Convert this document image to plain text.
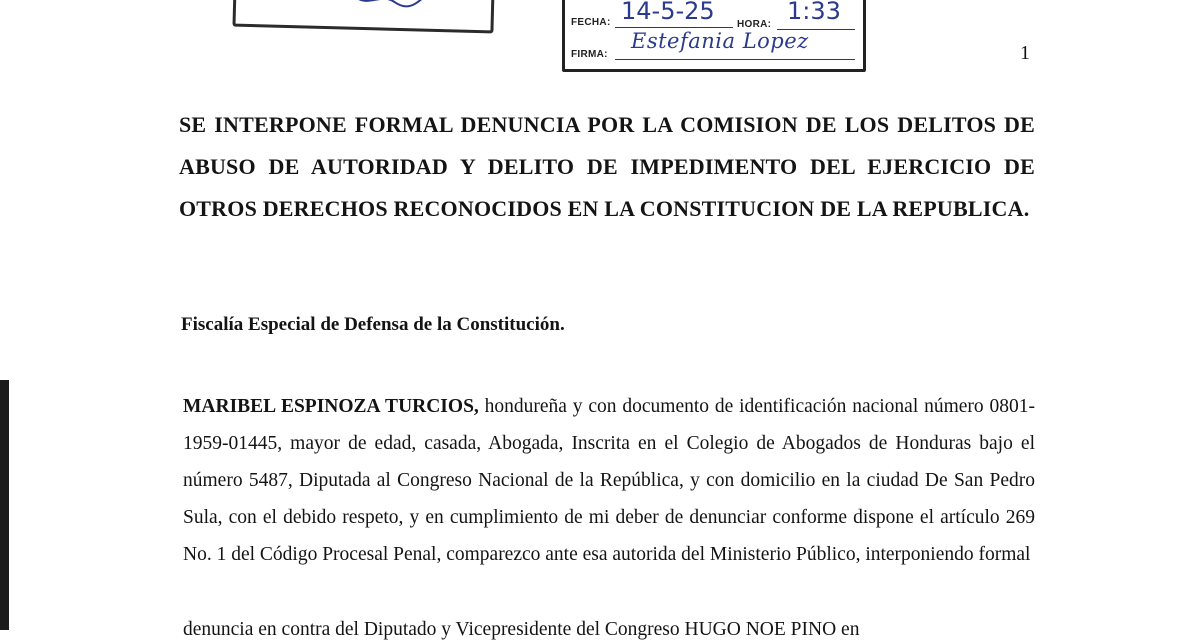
FECHA: 14-5-25 HORA: 1:33
FIRMA:
Estefania Lopez	1
SE INTERPONE FORMAL DENUNCIA POR LA COMISION DE LOS DELITOS DE ABUSO DE AUTORIDAD Y DELITO DE IMPEDIMENTO DEL EJERCICIO DE OTROS DERECHOS RECONOCIDOS EN LA CONSTITUCION DE LA REPUBLICA.
Fiscalía Especial de Defensa de la Constitución.
MARIBEL ESPINOZA TURCIOS, hondureña y con documento de identificación nacional número 0801-1959-01445, mayor de edad, casada, Abogada, Inscrita en el Colegio de Abogados de Honduras bajo el número 5487, Diputada al Congreso Nacional de la República, y con domicilio en la ciudad De San Pedro Sula, con el debido respeto, y en cumplimiento de mi deber de denunciar conforme dispone el artículo 269 No. 1 del Código Procesal Penal, comparezco ante esa autorida del Ministerio Público, interponiendo formal
denuncia en contra del Diputado y Vicepresidente del Congreso HUGO NOE PINO en
